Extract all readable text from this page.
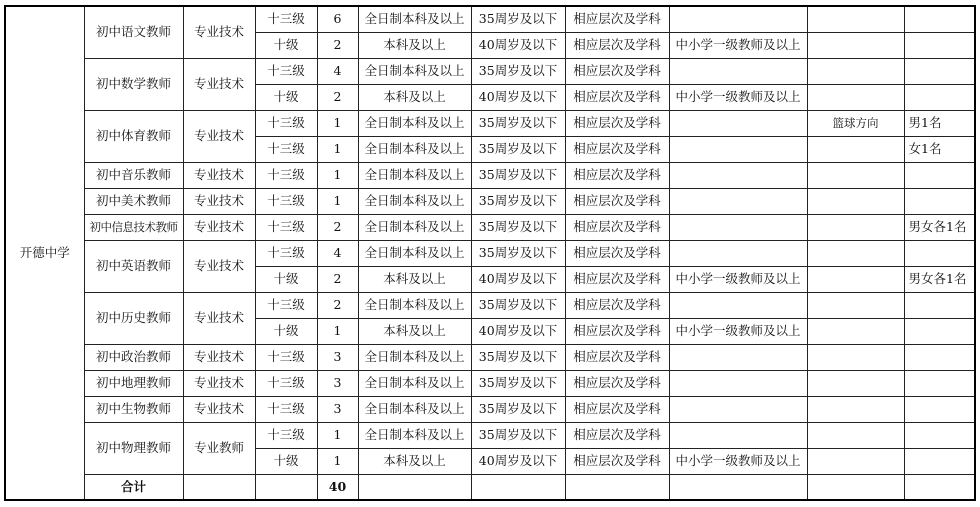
开德中学	初中语文教师	专业技术	十三级	6	全日制本科及以上	35周岁及以下	相应层次及学科			
			十级	2	本科及以上	40周岁及以下	相应层次及学科	中小学一级教师及以上		
	初中数学教师	专业技术	十三级	4	全日制本科及以上	35周岁及以下	相应层次及学科			
			十级	2	本科及以上	40周岁及以下	相应层次及学科	中小学一级教师及以上		
	初中体育教师	专业技术	十三级	1	全日制本科及以上	35周岁及以下	相应层次及学科		篮球方向	男1名
			十三级	1	全日制本科及以上	35周岁及以下	相应层次及学科			女1名
	初中音乐教师	专业技术	十三级	1	全日制本科及以上	35周岁及以下	相应层次及学科			
	初中美术教师	专业技术	十三级	1	全日制本科及以上	35周岁及以下	相应层次及学科			
	初中信息技术教师	专业技术	十三级	2	全日制本科及以上	35周岁及以下	相应层次及学科			男女各1名
	初中英语教师	专业技术	十三级	4	全日制本科及以上	35周岁及以下	相应层次及学科			
			十级	2	本科及以上	40周岁及以下	相应层次及学科	中小学一级教师及以上		男女各1名
	初中历史教师	专业技术	十三级	2	全日制本科及以上	35周岁及以下	相应层次及学科			
			十级	1	本科及以上	40周岁及以下	相应层次及学科	中小学一级教师及以上		
	初中政治教师	专业技术	十三级	3	全日制本科及以上	35周岁及以下	相应层次及学科			
	初中地理教师	专业技术	十三级	3	全日制本科及以上	35周岁及以下	相应层次及学科			
	初中生物教师	专业技术	十三级	3	全日制本科及以上	35周岁及以下	相应层次及学科			
	初中物理教师	专业教师	十三级	1	全日制本科及以上	35周岁及以下	相应层次及学科			
			十级	1	本科及以上	40周岁及以下	相应层次及学科	中小学一级教师及以上		
	合计			40						
